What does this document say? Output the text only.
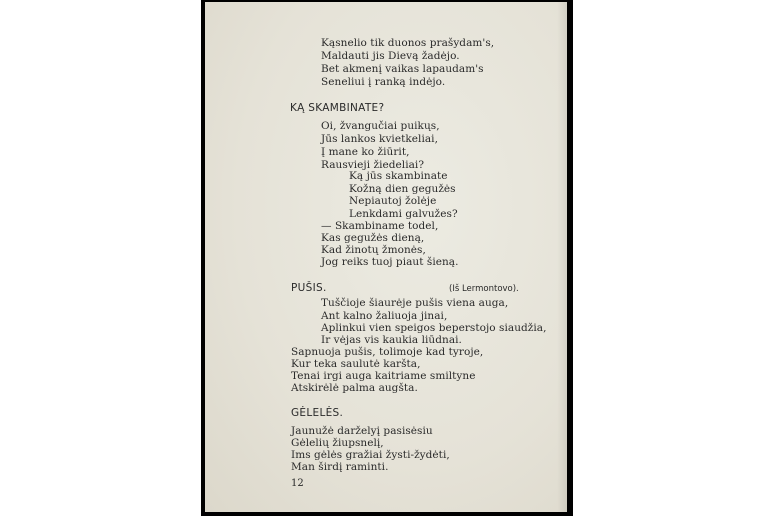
Kąsnelio tik duonos prašydam's,
Maldauti jis Dievą žadėjo.
Bet akmenį vaikas lapaudam's
Seneliui į ranką indėjo.
KĄ SKAMBINATE?
Oi, žvangučiai puikųs,
Jūs lankos kvietkeliai,
Į mane ko žiūrit,
Rausvieji žiedeliai?
Ką jūs skambinate
Kožną dien gegužės
Nepiautoj žolėje
Lenkdami galvužes?
— Skambiname todel,
Kas gegužės dieną,
Kad žinotų žmonės,
Jog reiks tuoj piaut šieną.
PUŠIS.	(Iš Lermontovo).
Tuščioje šiaurėje pušis viena auga,
Ant kalno žaliuoja jinai,
Aplinkui vien speigos beperstojo siaudžia,
Ir vėjas vis kaukia liūdnai.
Sapnuoja pušis, tolimoje kad tyroje,
Kur teka saulutė karšta,
Tenai irgi auga kaitriame smiltyne
Atskirėlė palma augšta.
GĖLELĖS.
Jaunužė darželyį pasisėsiu
Gėlelių žiupsnelį,
Ims gėlės gražiai žysti-žydėti,
Man širdį raminti.
12
